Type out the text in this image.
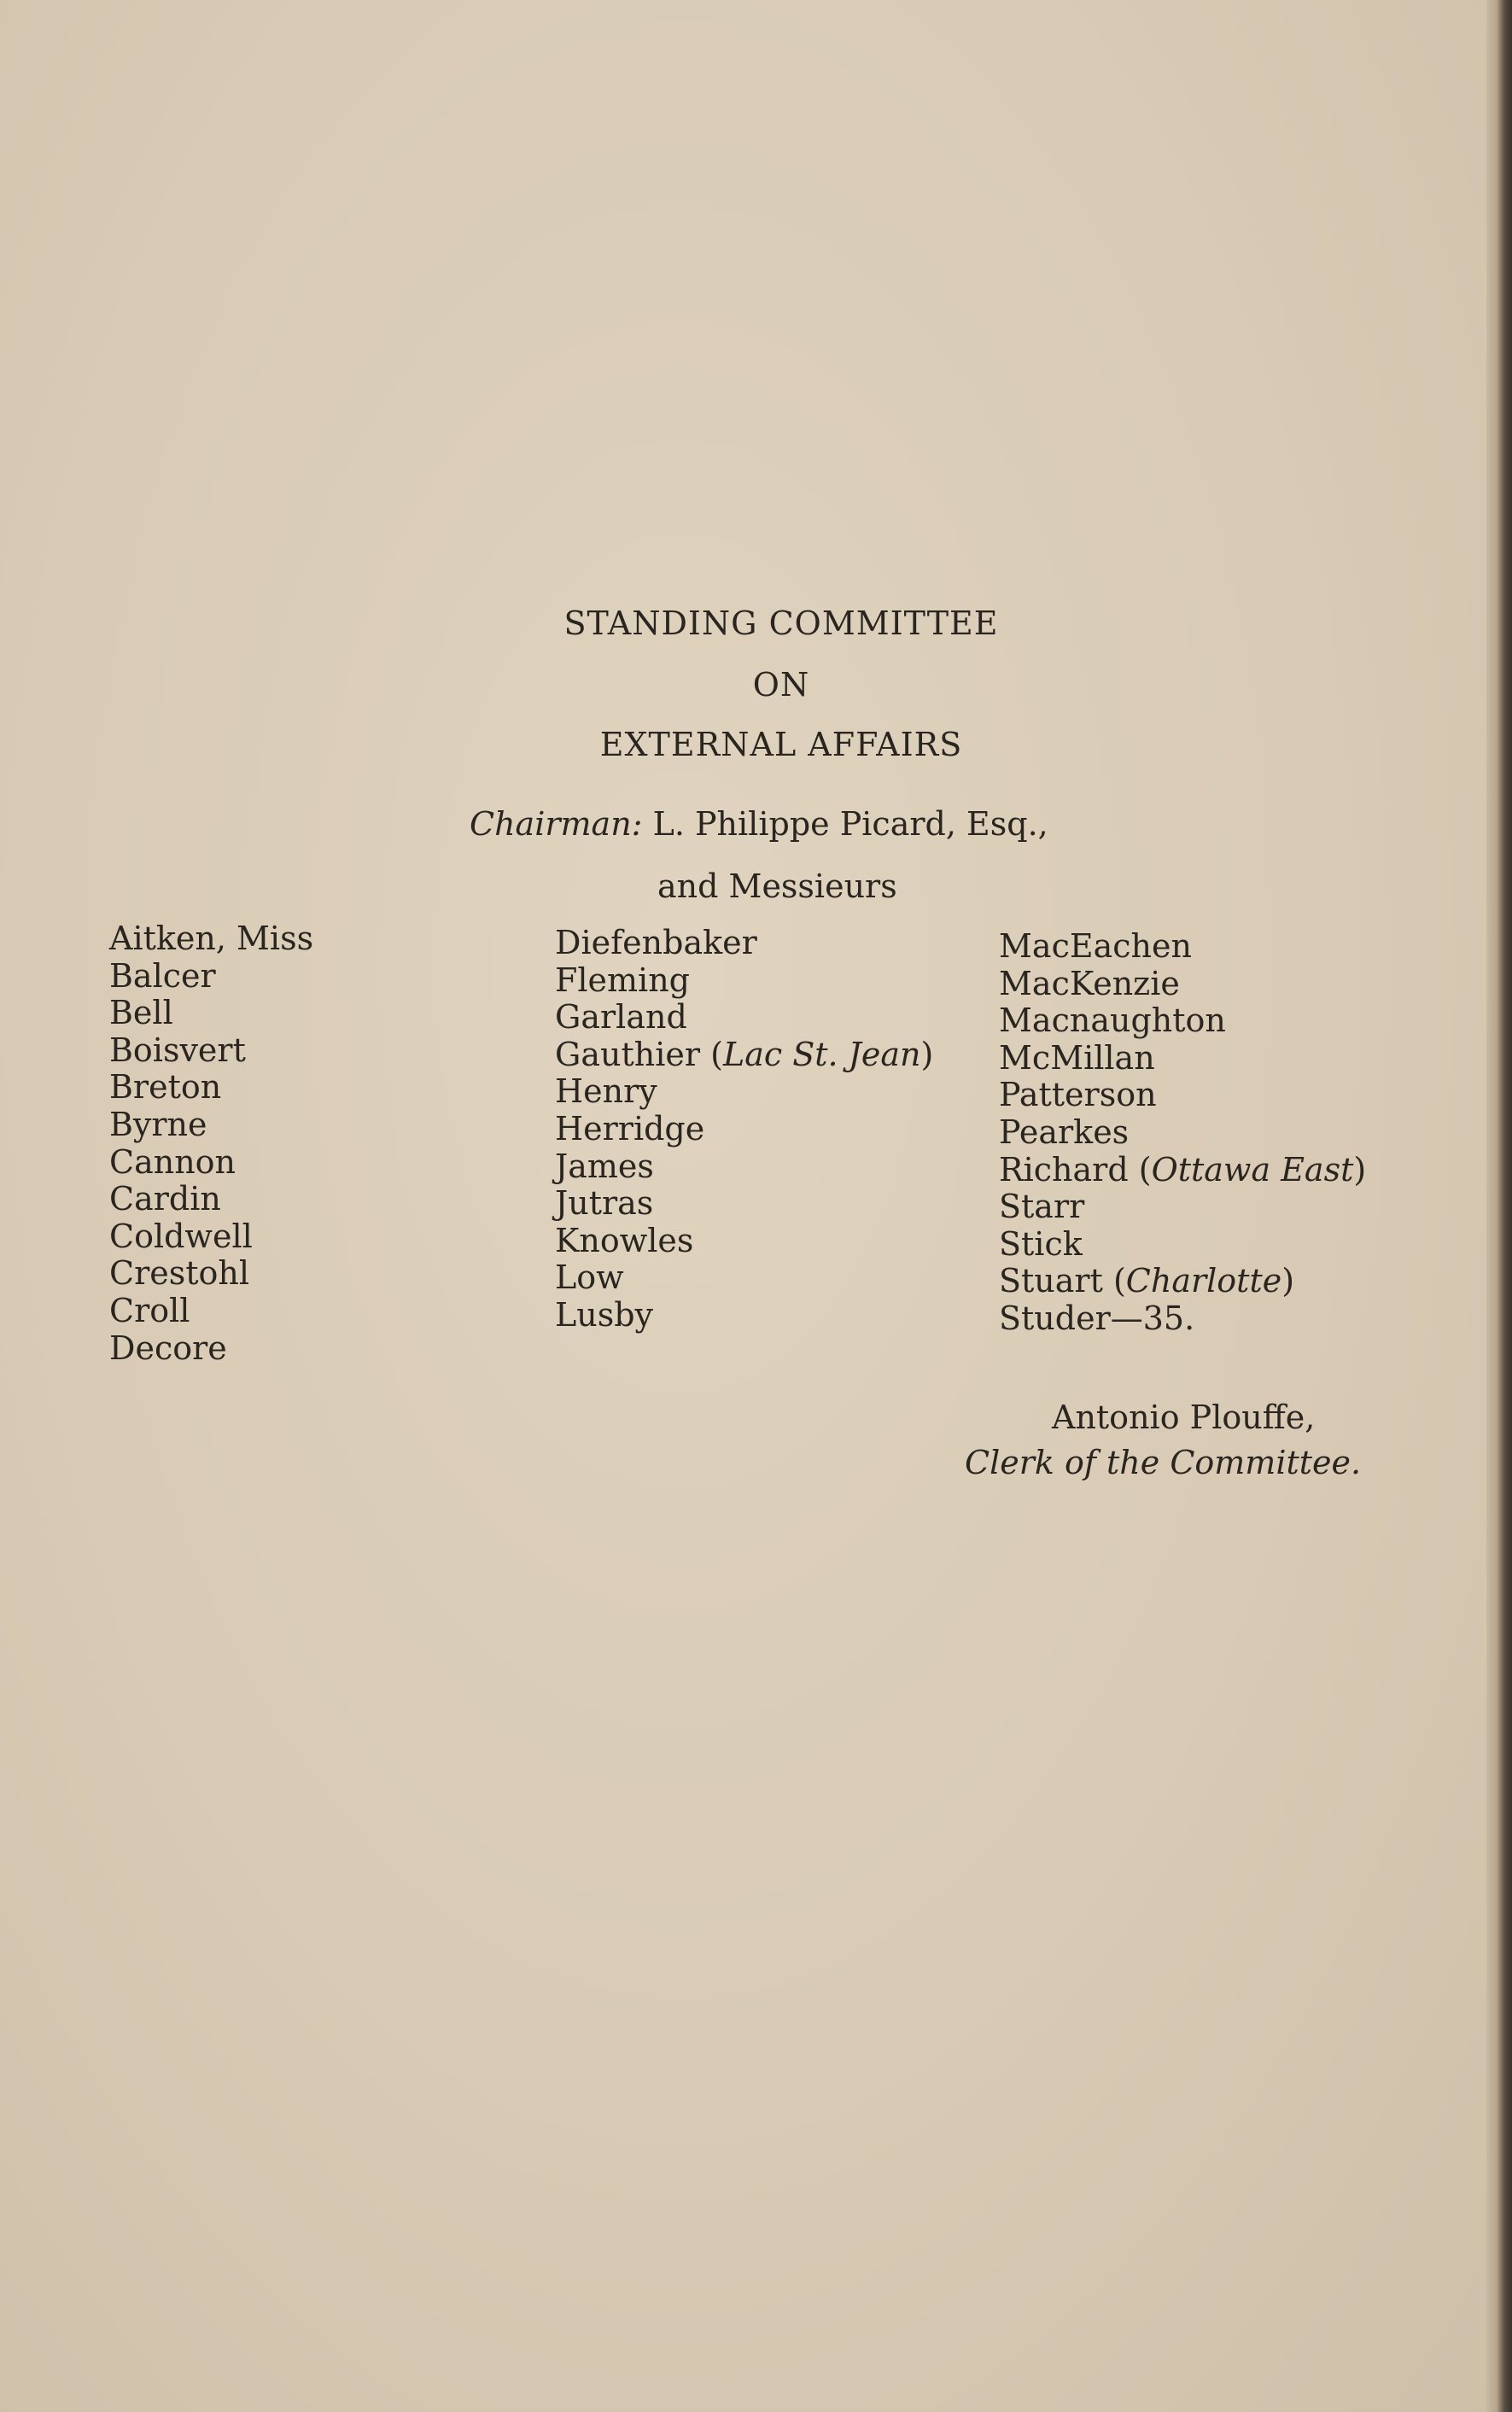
STANDING COMMITTEE
ON
EXTERNAL AFFAIRS
Chairman: L. Philippe Picard, Esq.,
and Messieurs
Aitken, Miss
Balcer
Bell
Boisvert
Breton
Byrne
Cannon
Cardin
Coldwell
Crestohl
Croll
Decore
Diefenbaker
Fleming
Garland
Gauthier (Lac St. Jean)
Henry
Herridge
James
Jutras
Knowles
Low
Lusby
MacEachen
MacKenzie
Macnaughton
McMillan
Patterson
Pearkes
Richard (Ottawa East)
Starr
Stick
Stuart (Charlotte)
Studer—35.
Antonio Plouffe,
Clerk of the Committee.
